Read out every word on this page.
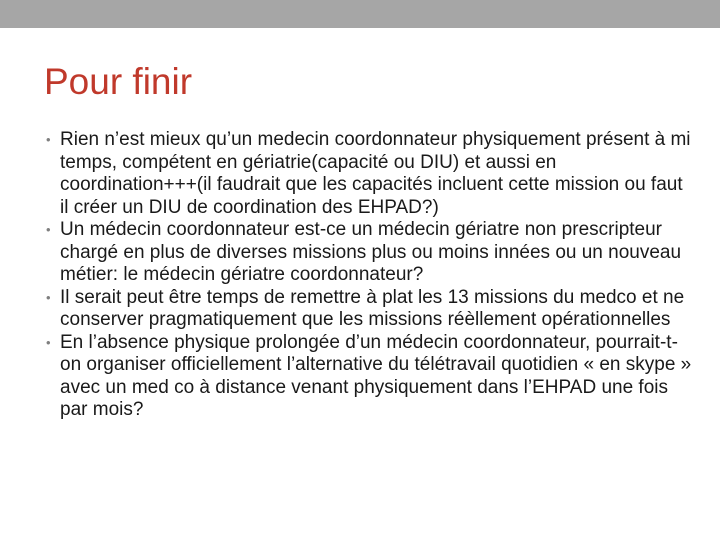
Pour finir
• Rien n’est mieux qu’un medecin coordonnateur physiquement présent à mi temps, compétent en gériatrie(capacité ou DIU) et aussi en coordination+++(il faudrait que les capacités incluent cette mission ou faut il créer un DIU de coordination des EHPAD?)
• Un médecin coordonnateur est-ce un médecin gériatre non prescripteur chargé en plus de diverses missions plus ou moins innées ou un nouveau métier: le médecin gériatre coordonnateur?
• Il serait peut être temps de remettre à plat les 13 missions du medco et ne conserver pragmatiquement que les missions réèllement opérationnelles
• En l’absence physique prolongée d’un médecin coordonnateur, pourrait-t-on organiser officiellement l’alternative du télétravail quotidien « en skype » avec un med co à distance venant physiquement dans l’EHPAD une fois par mois?
